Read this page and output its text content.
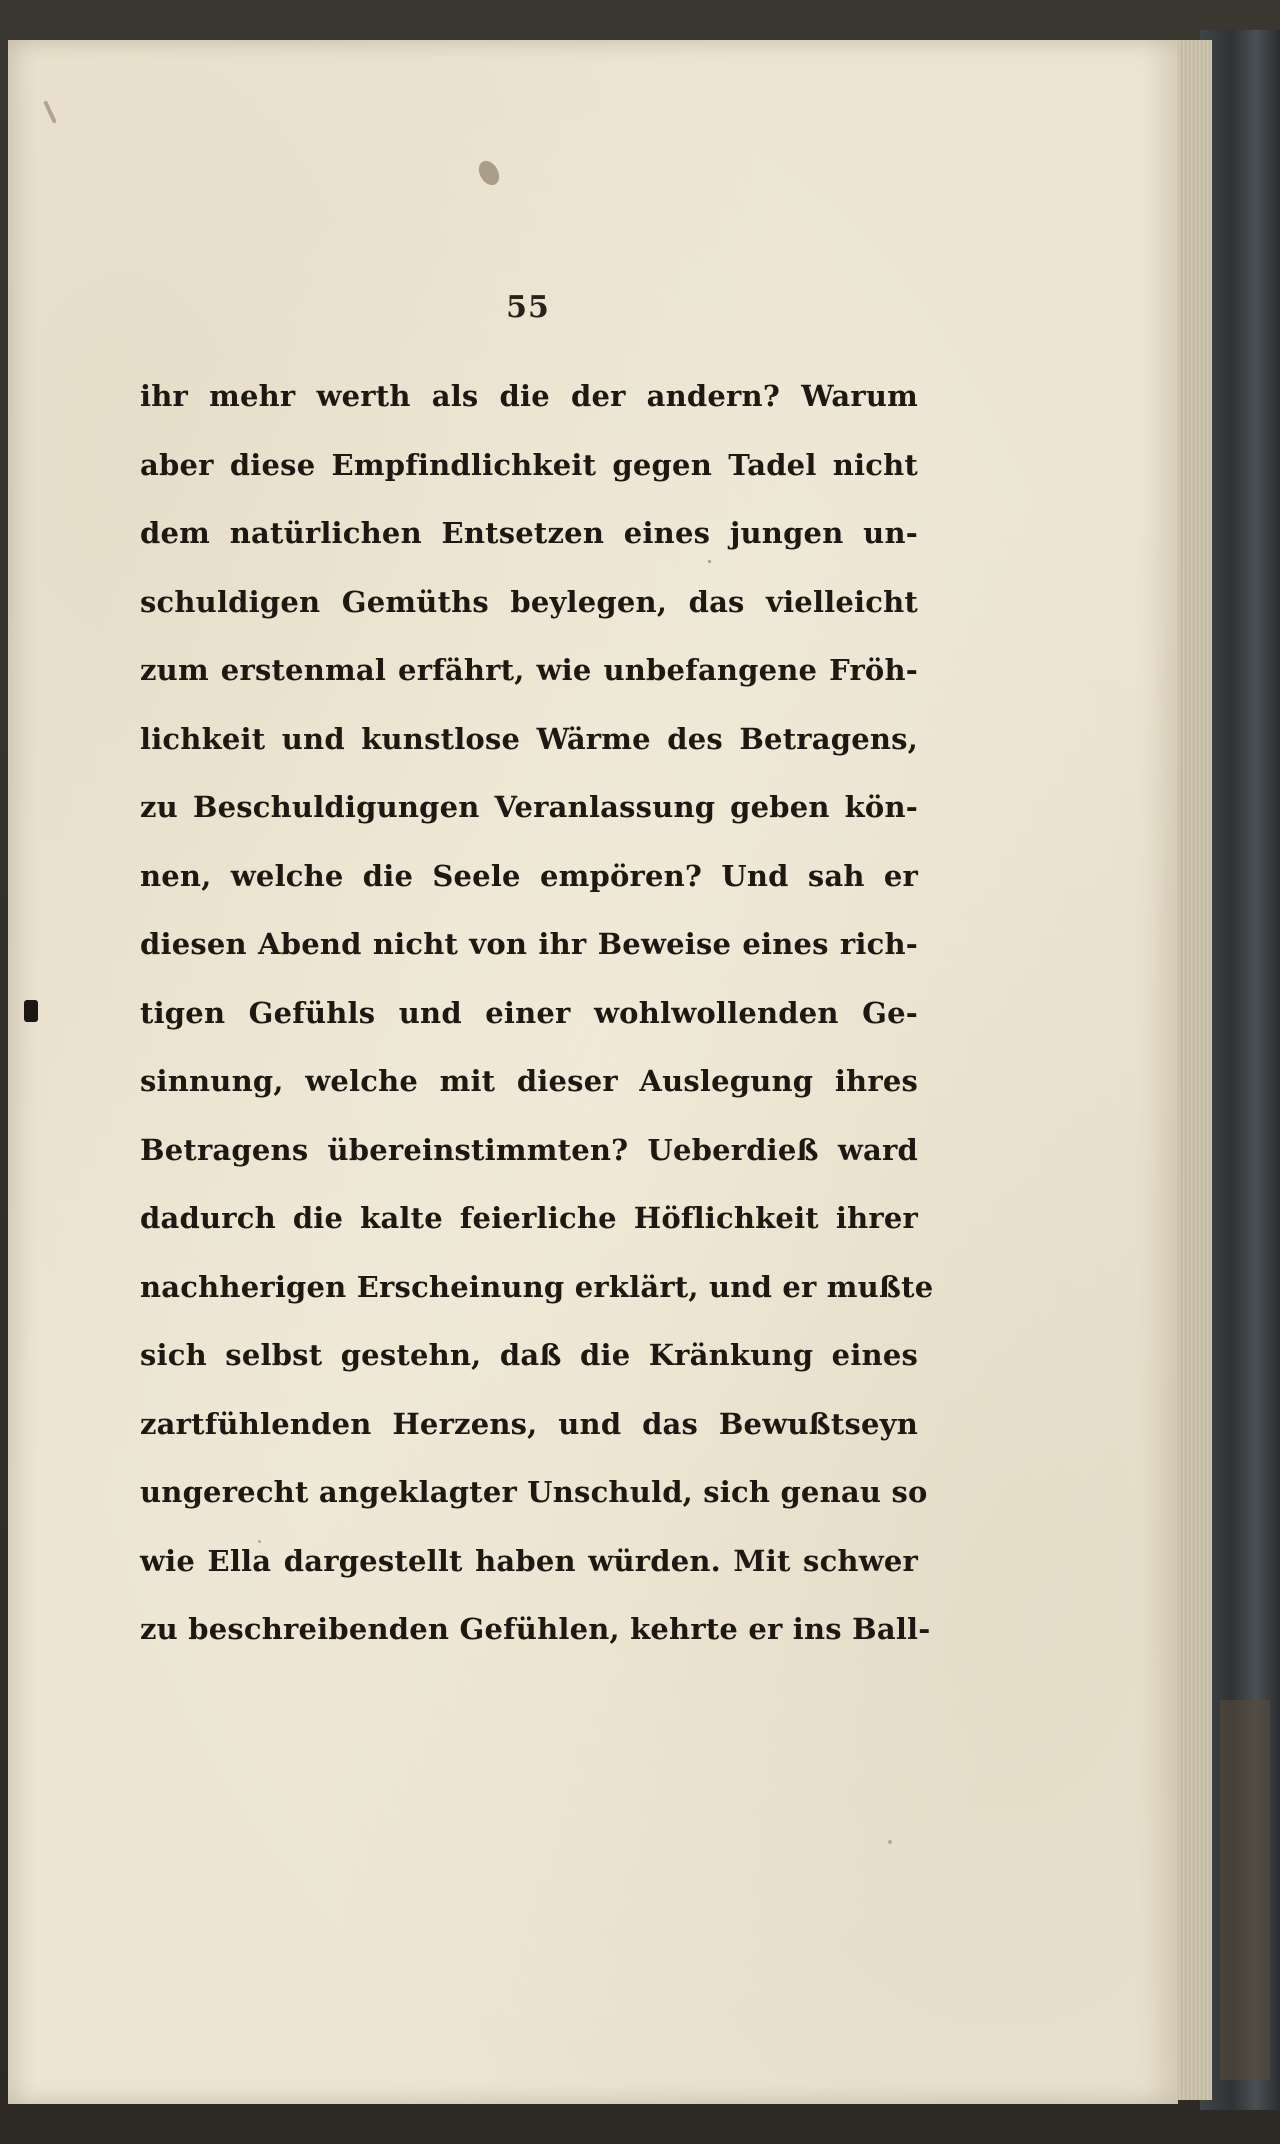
55
ihr mehr werth als die der andern? Warum
aber diese Empfindlichkeit gegen Tadel nicht
dem natürlichen Entsetzen eines jungen un-
schuldigen Gemüths beylegen, das vielleicht
zum erstenmal erfährt, wie unbefangene Fröh-
lichkeit und kunstlose Wärme des Betragens,
zu Beschuldigungen Veranlassung geben kön-
nen, welche die Seele empören? Und sah er
diesen Abend nicht von ihr Beweise eines rich-
tigen Gefühls und einer wohlwollenden Ge-
sinnung, welche mit dieser Auslegung ihres
Betragens übereinstimmten? Ueberdieß ward
dadurch die kalte feierliche Höflichkeit ihrer
nachherigen Erscheinung erklärt, und er mußte
sich selbst gestehn, daß die Kränkung eines
zartfühlenden Herzens, und das Bewußtseyn
ungerecht angeklagter Unschuld, sich genau so
wie Ella dargestellt haben würden. Mit schwer
zu beschreibenden Gefühlen, kehrte er ins Ball-
